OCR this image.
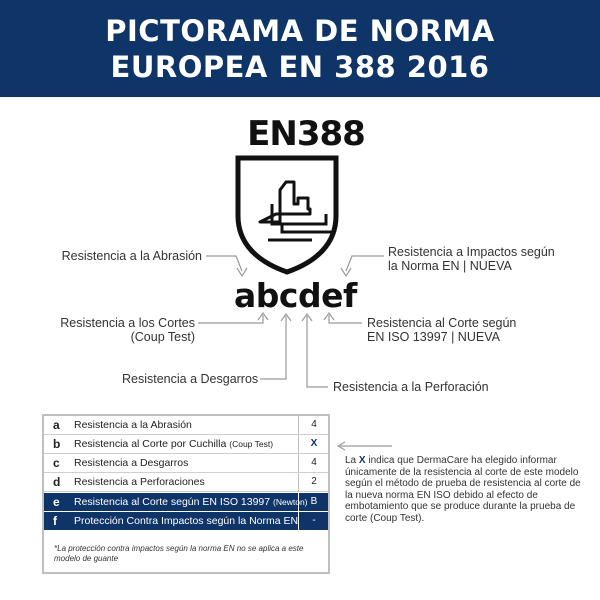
PICTORAMA DE NORMA
EUROPEA EN 388 2016
EN388
abcdef
Resistencia a la Abrasión
Resistencia a los Cortes
(Coup Test)
Resistencia a Desgarros
Resistencia a la Perforación
Resistencia al Corte según
EN ISO 13997 | NUEVA
Resistencia a Impactos según
la Norma EN | NUEVA
a Resistencia a la Abrasión	4
b Resistencia al Corte por Cuchilla (Coup Test)	X
c Resistencia a Desgarros	4
d Resistencia a Perforaciones	2
e Resistencia al Corte según EN ISO 13997 (Newton) B
f Protección Contra Impactos según la Norma EN	-
*La protección contra impactos según la norma EN no se aplica a este modelo de guante
La X indica que DermaCare ha elegido informar únicamente de la resistencia al corte de este modelo según el método de prueba de resistencia al corte de la nueva norma EN ISO debido al efecto de embotamiento que se produce durante la prueba de corte (Coup Test).
